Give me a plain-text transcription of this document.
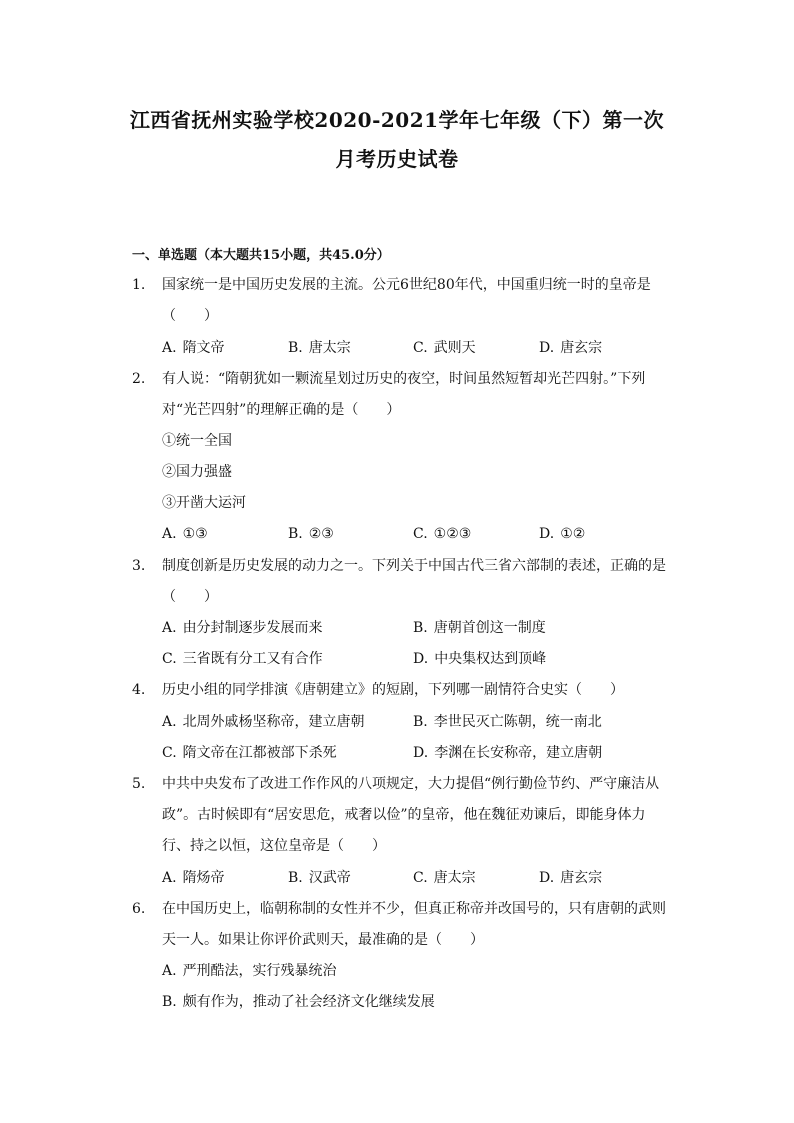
江西省抚州实验学校2020-2021学年七年级（下）第一次
月考历史试卷
一、单选题（本大题共15小题，共45.0分）
1. 国家统一是中国历史发展的主流。公元6世纪80年代，中国重归统一时的皇帝是
（　　）
A. 隋文帝	B. 唐太宗	C. 武则天	D. 唐玄宗
2. 有人说：“隋朝犹如一颗流星划过历史的夜空，时间虽然短暂却光芒四射。”下列
对“光芒四射”的理解正确的是（　　）
①统一全国
②国力强盛
③开凿大运河
A. ①③	B. ②③	C. ①②③	D. ①②
3. 制度创新是历史发展的动力之一。下列关于中国古代三省六部制的表述，正确的是
（　　）
A. 由分封制逐步发展而来	B. 唐朝首创这一制度
C. 三省既有分工又有合作	D. 中央集权达到顶峰
4. 历史小组的同学排演《唐朝建立》的短剧，下列哪一剧情符合史实（　　）
A. 北周外戚杨坚称帝，建立唐朝	B. 李世民灭亡陈朝，统一南北
C. 隋文帝在江都被部下杀死	D. 李渊在长安称帝，建立唐朝
5. 中共中央发布了改进工作作风的八项规定，大力提倡“例行勤俭节约、严守廉洁从
政”。古时候即有“居安思危，戒奢以俭”的皇帝，他在魏征劝谏后，即能身体力
行、持之以恒，这位皇帝是（　　）
A. 隋炀帝	B. 汉武帝	C. 唐太宗	D. 唐玄宗
6. 在中国历史上，临朝称制的女性并不少，但真正称帝并改国号的，只有唐朝的武则
天一人。如果让你评价武则天，最准确的是（　　）
A. 严刑酷法，实行残暴统治
B. 颇有作为，推动了社会经济文化继续发展
